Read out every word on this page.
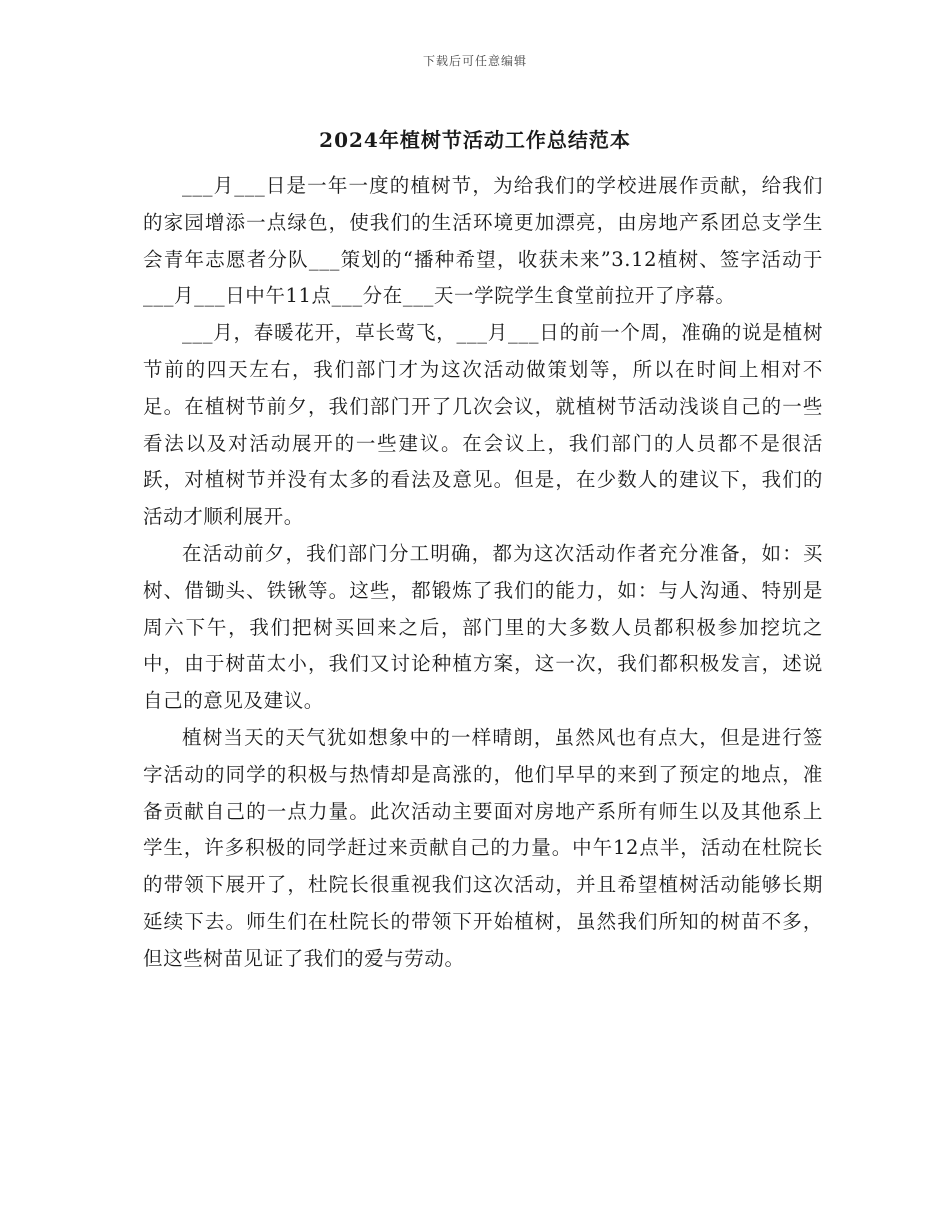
下载后可任意编辑
2024年植树节活动工作总结范本

___月___日是一年一度的植树节，为给我们的学校进展作贡献，给我们的家园增添一点绿色，使我们的生活环境更加漂亮，由房地产系团总支学生会青年志愿者分队___策划的“播种希望，收获未来”3.12植树、签字活动于___月___日中午11点___分在___天一学院学生食堂前拉开了序幕。

___月，春暖花开，草长莺飞，___月___日的前一个周，准确的说是植树节前的四天左右，我们部门才为这次活动做策划等，所以在时间上相对不足。在植树节前夕，我们部门开了几次会议，就植树节活动浅谈自己的一些看法以及对活动展开的一些建议。在会议上，我们部门的人员都不是很活跃，对植树节并没有太多的看法及意见。但是，在少数人的建议下，我们的活动才顺利展开。

在活动前夕，我们部门分工明确，都为这次活动作者充分准备，如：买树、借锄头、铁锹等。这些，都锻炼了我们的能力，如：与人沟通、特别是周六下午，我们把树买回来之后，部门里的大多数人员都积极参加挖坑之中，由于树苗太小，我们又讨论种植方案，这一次，我们都积极发言，述说自己的意见及建议。

植树当天的天气犹如想象中的一样晴朗，虽然风也有点大，但是进行签字活动的同学的积极与热情却是高涨的，他们早早的来到了预定的地点，准备贡献自己的一点力量。此次活动主要面对房地产系所有师生以及其他系上学生，许多积极的同学赶过来贡献自己的力量。中午12点半，活动在杜院长的带领下展开了，杜院长很重视我们这次活动，并且希望植树活动能够长期延续下去。师生们在杜院长的带领下开始植树，虽然我们所知的树苗不多，但这些树苗见证了我们的爱与劳动。
